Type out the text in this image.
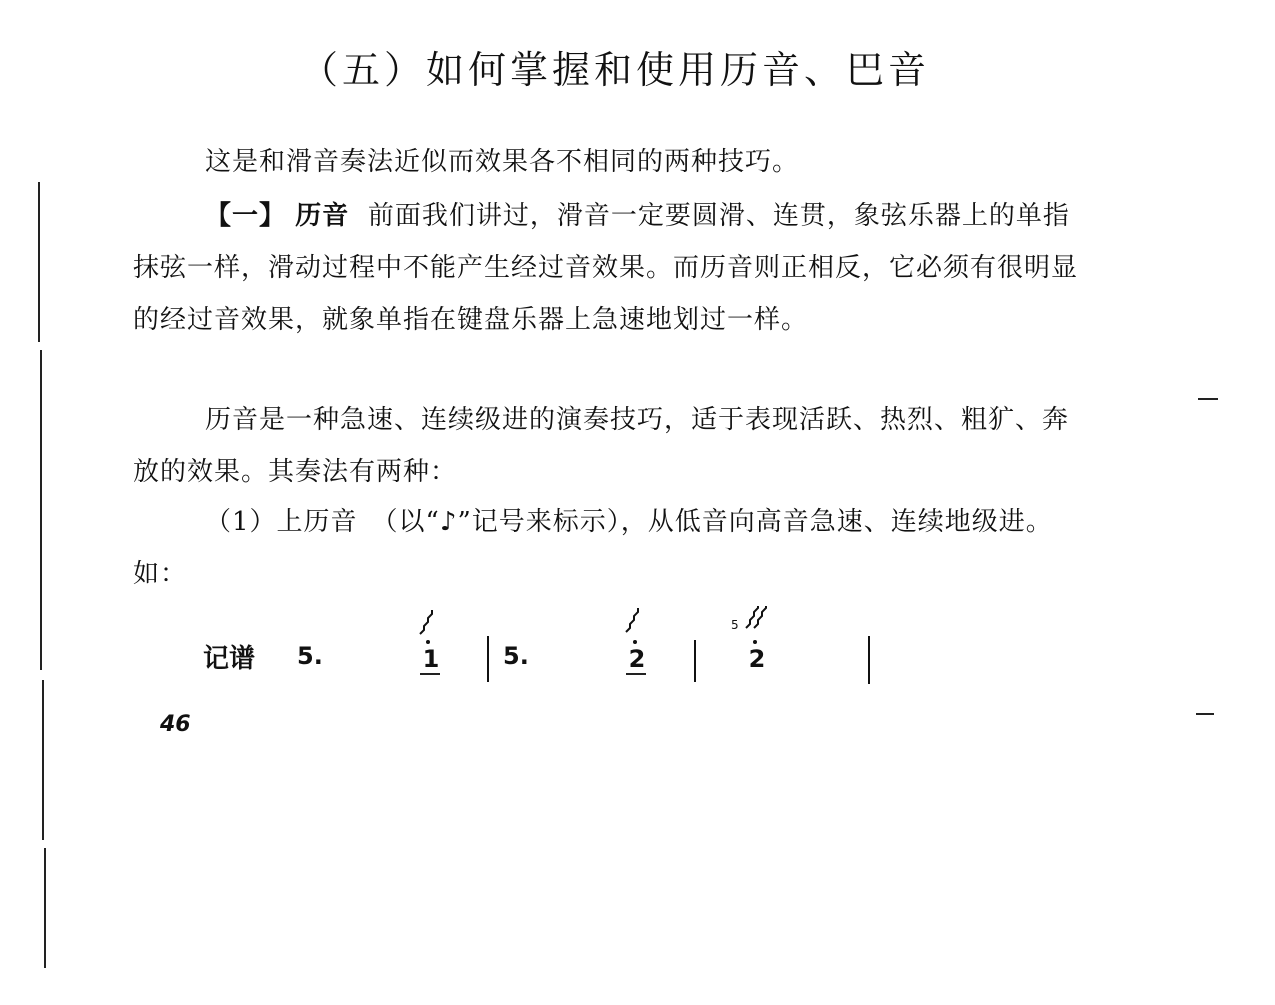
（五）如何掌握和使用历音、巴音
这是和滑音奏法近似而效果各不相同的两种技巧。
【一】 历音 前面我们讲过，滑音一定要圆滑、连贯，象弦乐器上的单指抹弦一样，滑动过程中不能产生经过音效果。而历音则正相反，它必须有很明显的经过音效果，就象单指在键盘乐器上急速地划过一样。
历音是一种急速、连续级进的演奏技巧，适于表现活跃、热烈、粗犷、奔放的效果。其奏法有两种：
（1）上历音　（以“♪”记号来标示），从低音向高音急速、连续地级进。如：
记谱 5.	1	5.	2
5
2
46
